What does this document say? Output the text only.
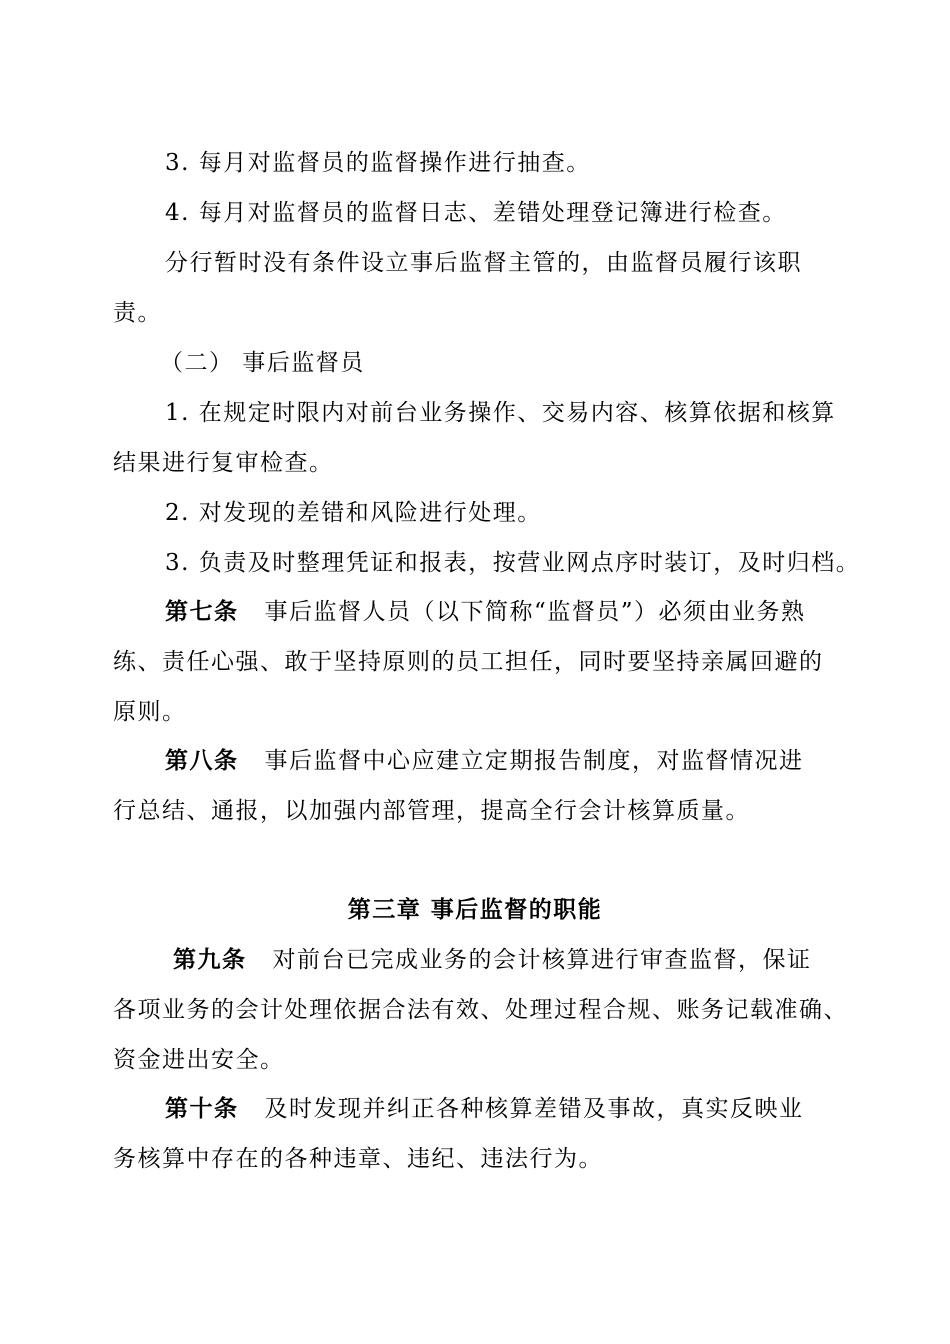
3. 每月对监督员的监督操作进行抽查。
4. 每月对监督员的监督日志、差错处理登记簿进行检查。
分行暂时没有条件设立事后监督主管的，由监督员履行该职
责。
（二） 事后监督员
1. 在规定时限内对前台业务操作、交易内容、核算依据和核算
结果进行复审检查。
2. 对发现的差错和风险进行处理。
3. 负责及时整理凭证和报表，按营业网点序时装订，及时归档。
第七条 事后监督人员（以下简称“监督员”）必须由业务熟
练、责任心强、敢于坚持原则的员工担任，同时要坚持亲属回避的
原则。
第八条 事后监督中心应建立定期报告制度，对监督情况进
行总结、通报，以加强内部管理，提高全行会计核算质量。
第三章 事后监督的职能
第九条 对前台已完成业务的会计核算进行审查监督，保证
各项业务的会计处理依据合法有效、处理过程合规、账务记载准确、
资金进出安全。
第十条 及时发现并纠正各种核算差错及事故，真实反映业
务核算中存在的各种违章、违纪、违法行为。
